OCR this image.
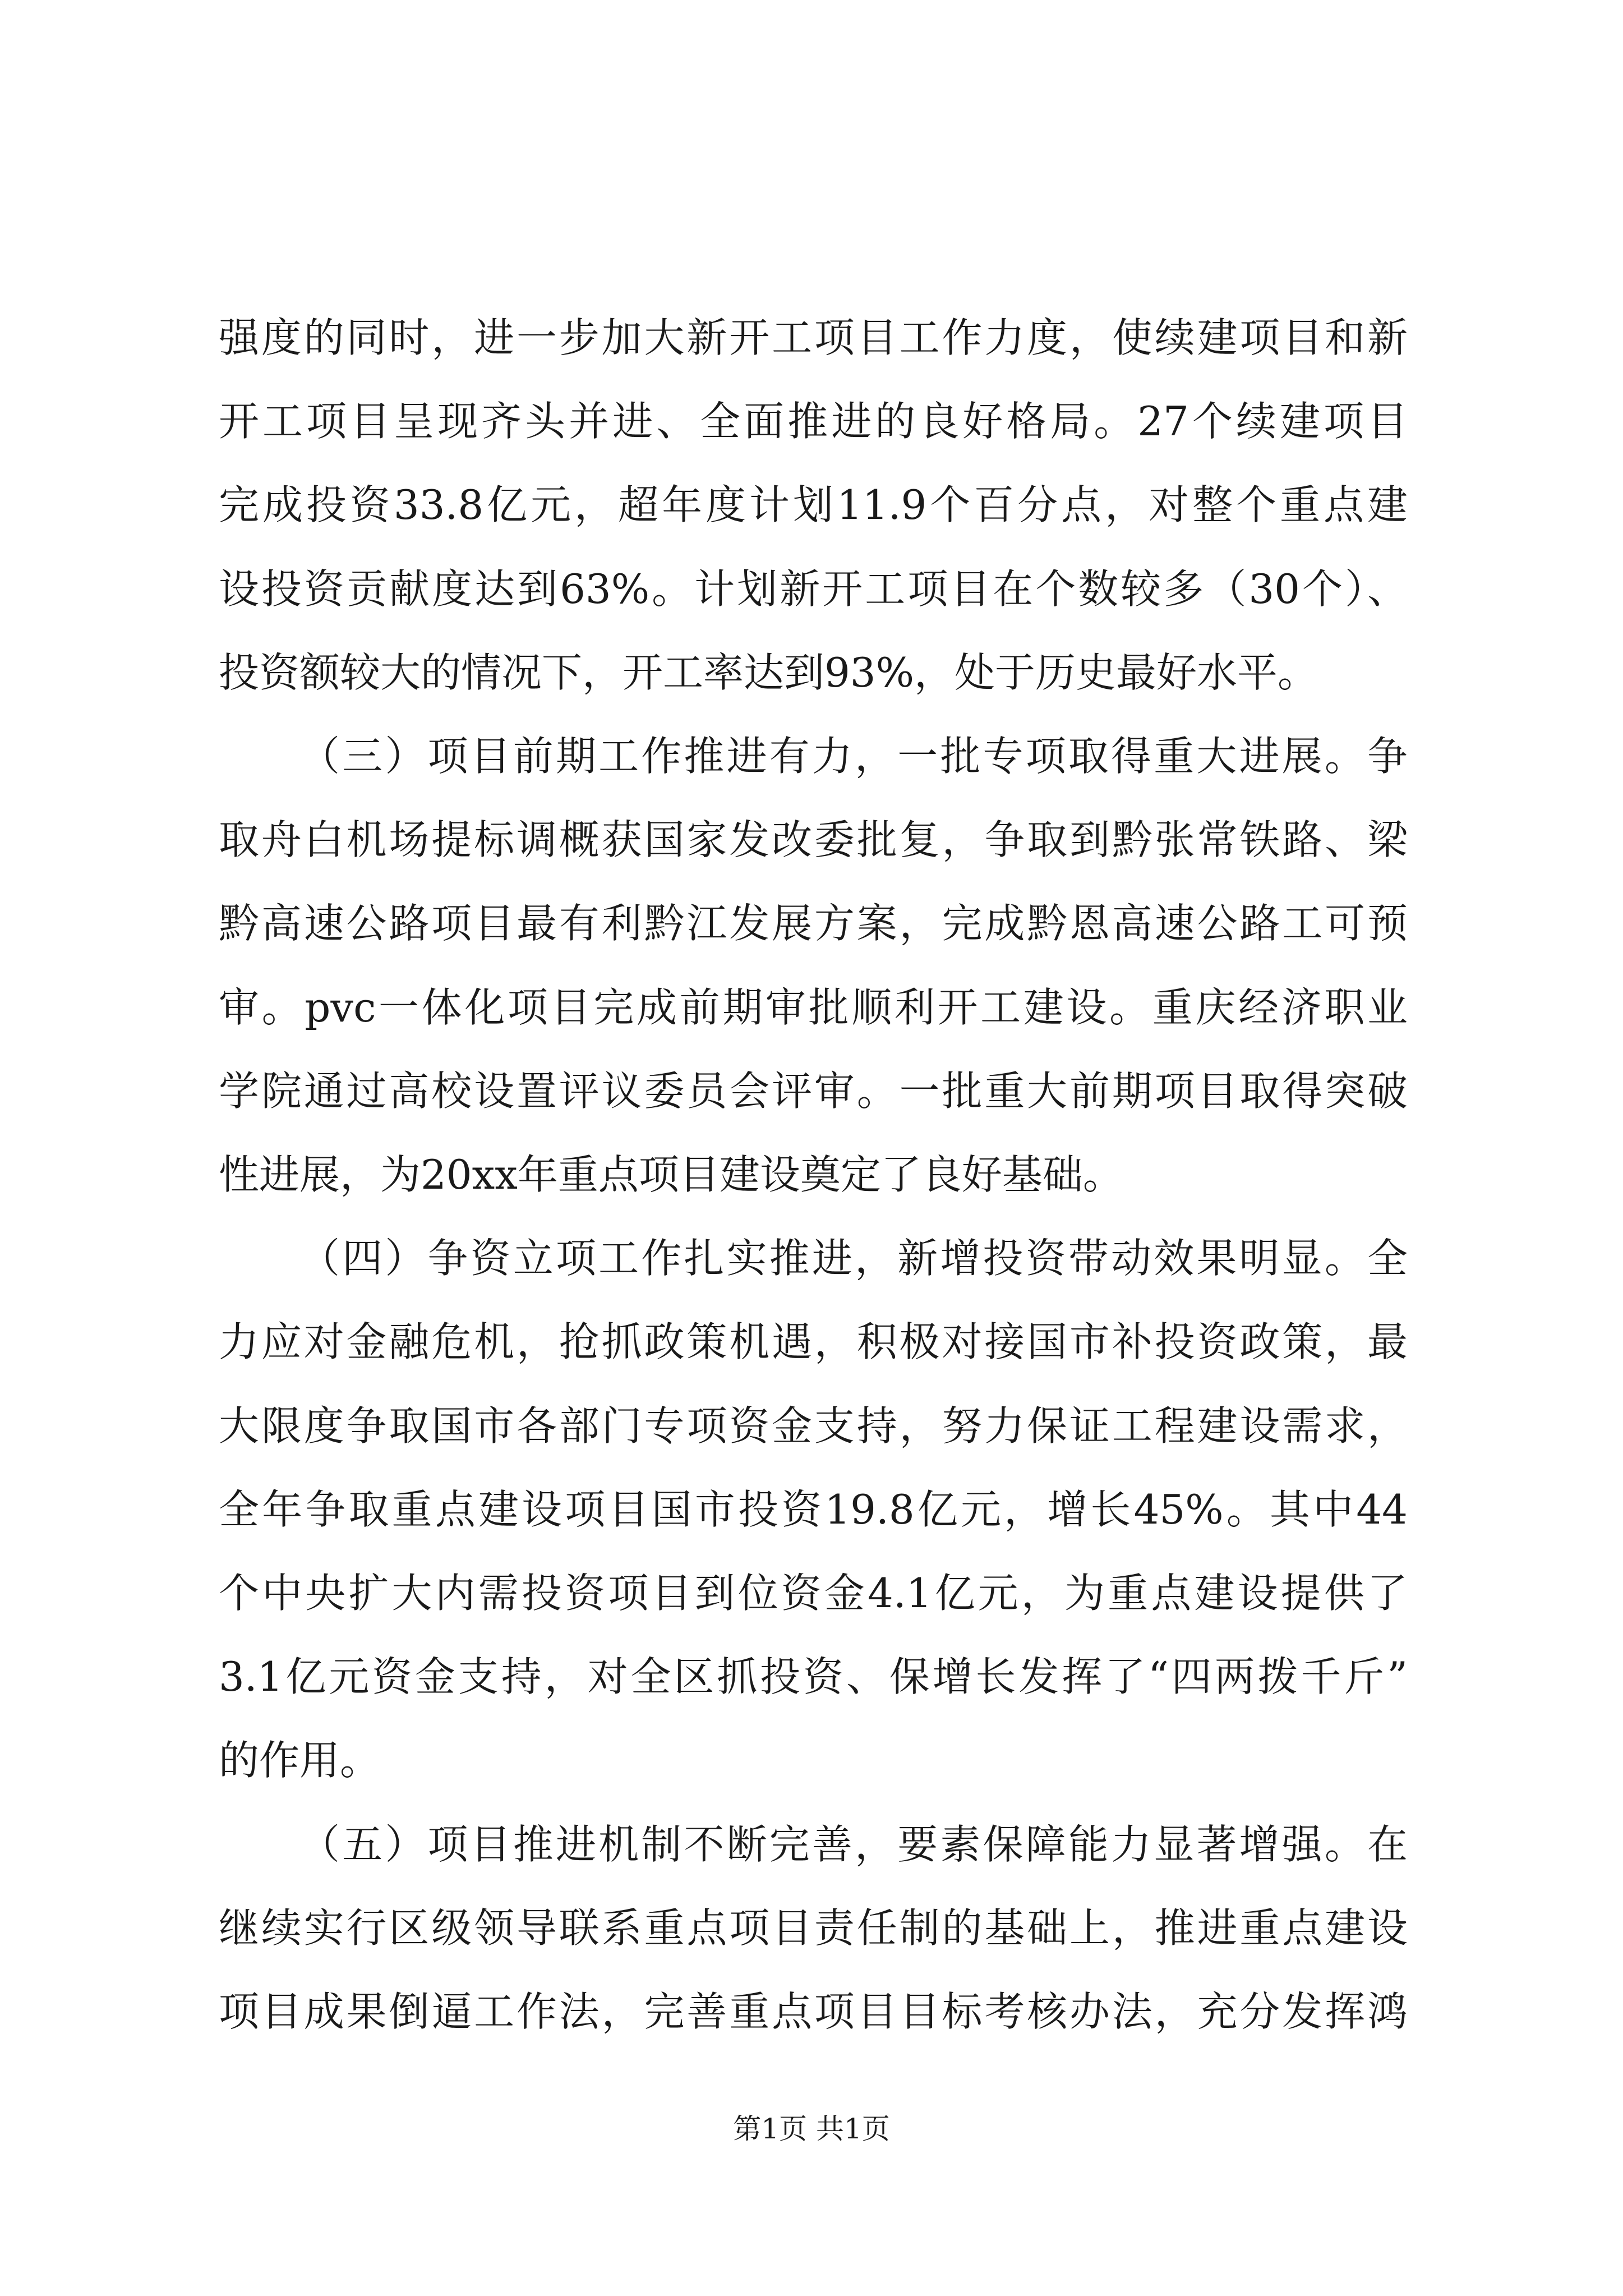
强度的同时，进一步加大新开工项目工作力度，使续建项目和新
开工项目呈现齐头并进、全面推进的良好格局。27个续建项目
完成投资33.8亿元，超年度计划11.9个百分点，对整个重点建
设投资贡献度达到63%。计划新开工项目在个数较多（30个）、
投资额较大的情况下，开工率达到93%，处于历史最好水平。
（三）项目前期工作推进有力，一批专项取得重大进展。争
取舟白机场提标调概获国家发改委批复，争取到黔张常铁路、梁
黔高速公路项目最有利黔江发展方案，完成黔恩高速公路工可预
审。pvc一体化项目完成前期审批顺利开工建设。重庆经济职业
学院通过高校设置评议委员会评审。一批重大前期项目取得突破
性进展，为20xx年重点项目建设奠定了良好基础。
（四）争资立项工作扎实推进，新增投资带动效果明显。全
力应对金融危机，抢抓政策机遇，积极对接国市补投资政策，最
大限度争取国市各部门专项资金支持，努力保证工程建设需求，
全年争取重点建设项目国市投资19.8亿元，增长45%。其中44
个中央扩大内需投资项目到位资金4.1亿元，为重点建设提供了
3.1亿元资金支持，对全区抓投资、保增长发挥了“四两拨千斤”
的作用。
（五）项目推进机制不断完善，要素保障能力显著增强。在
继续实行区级领导联系重点项目责任制的基础上，推进重点建设
项目成果倒逼工作法，完善重点项目目标考核办法，充分发挥鸿
第1页 共1页
